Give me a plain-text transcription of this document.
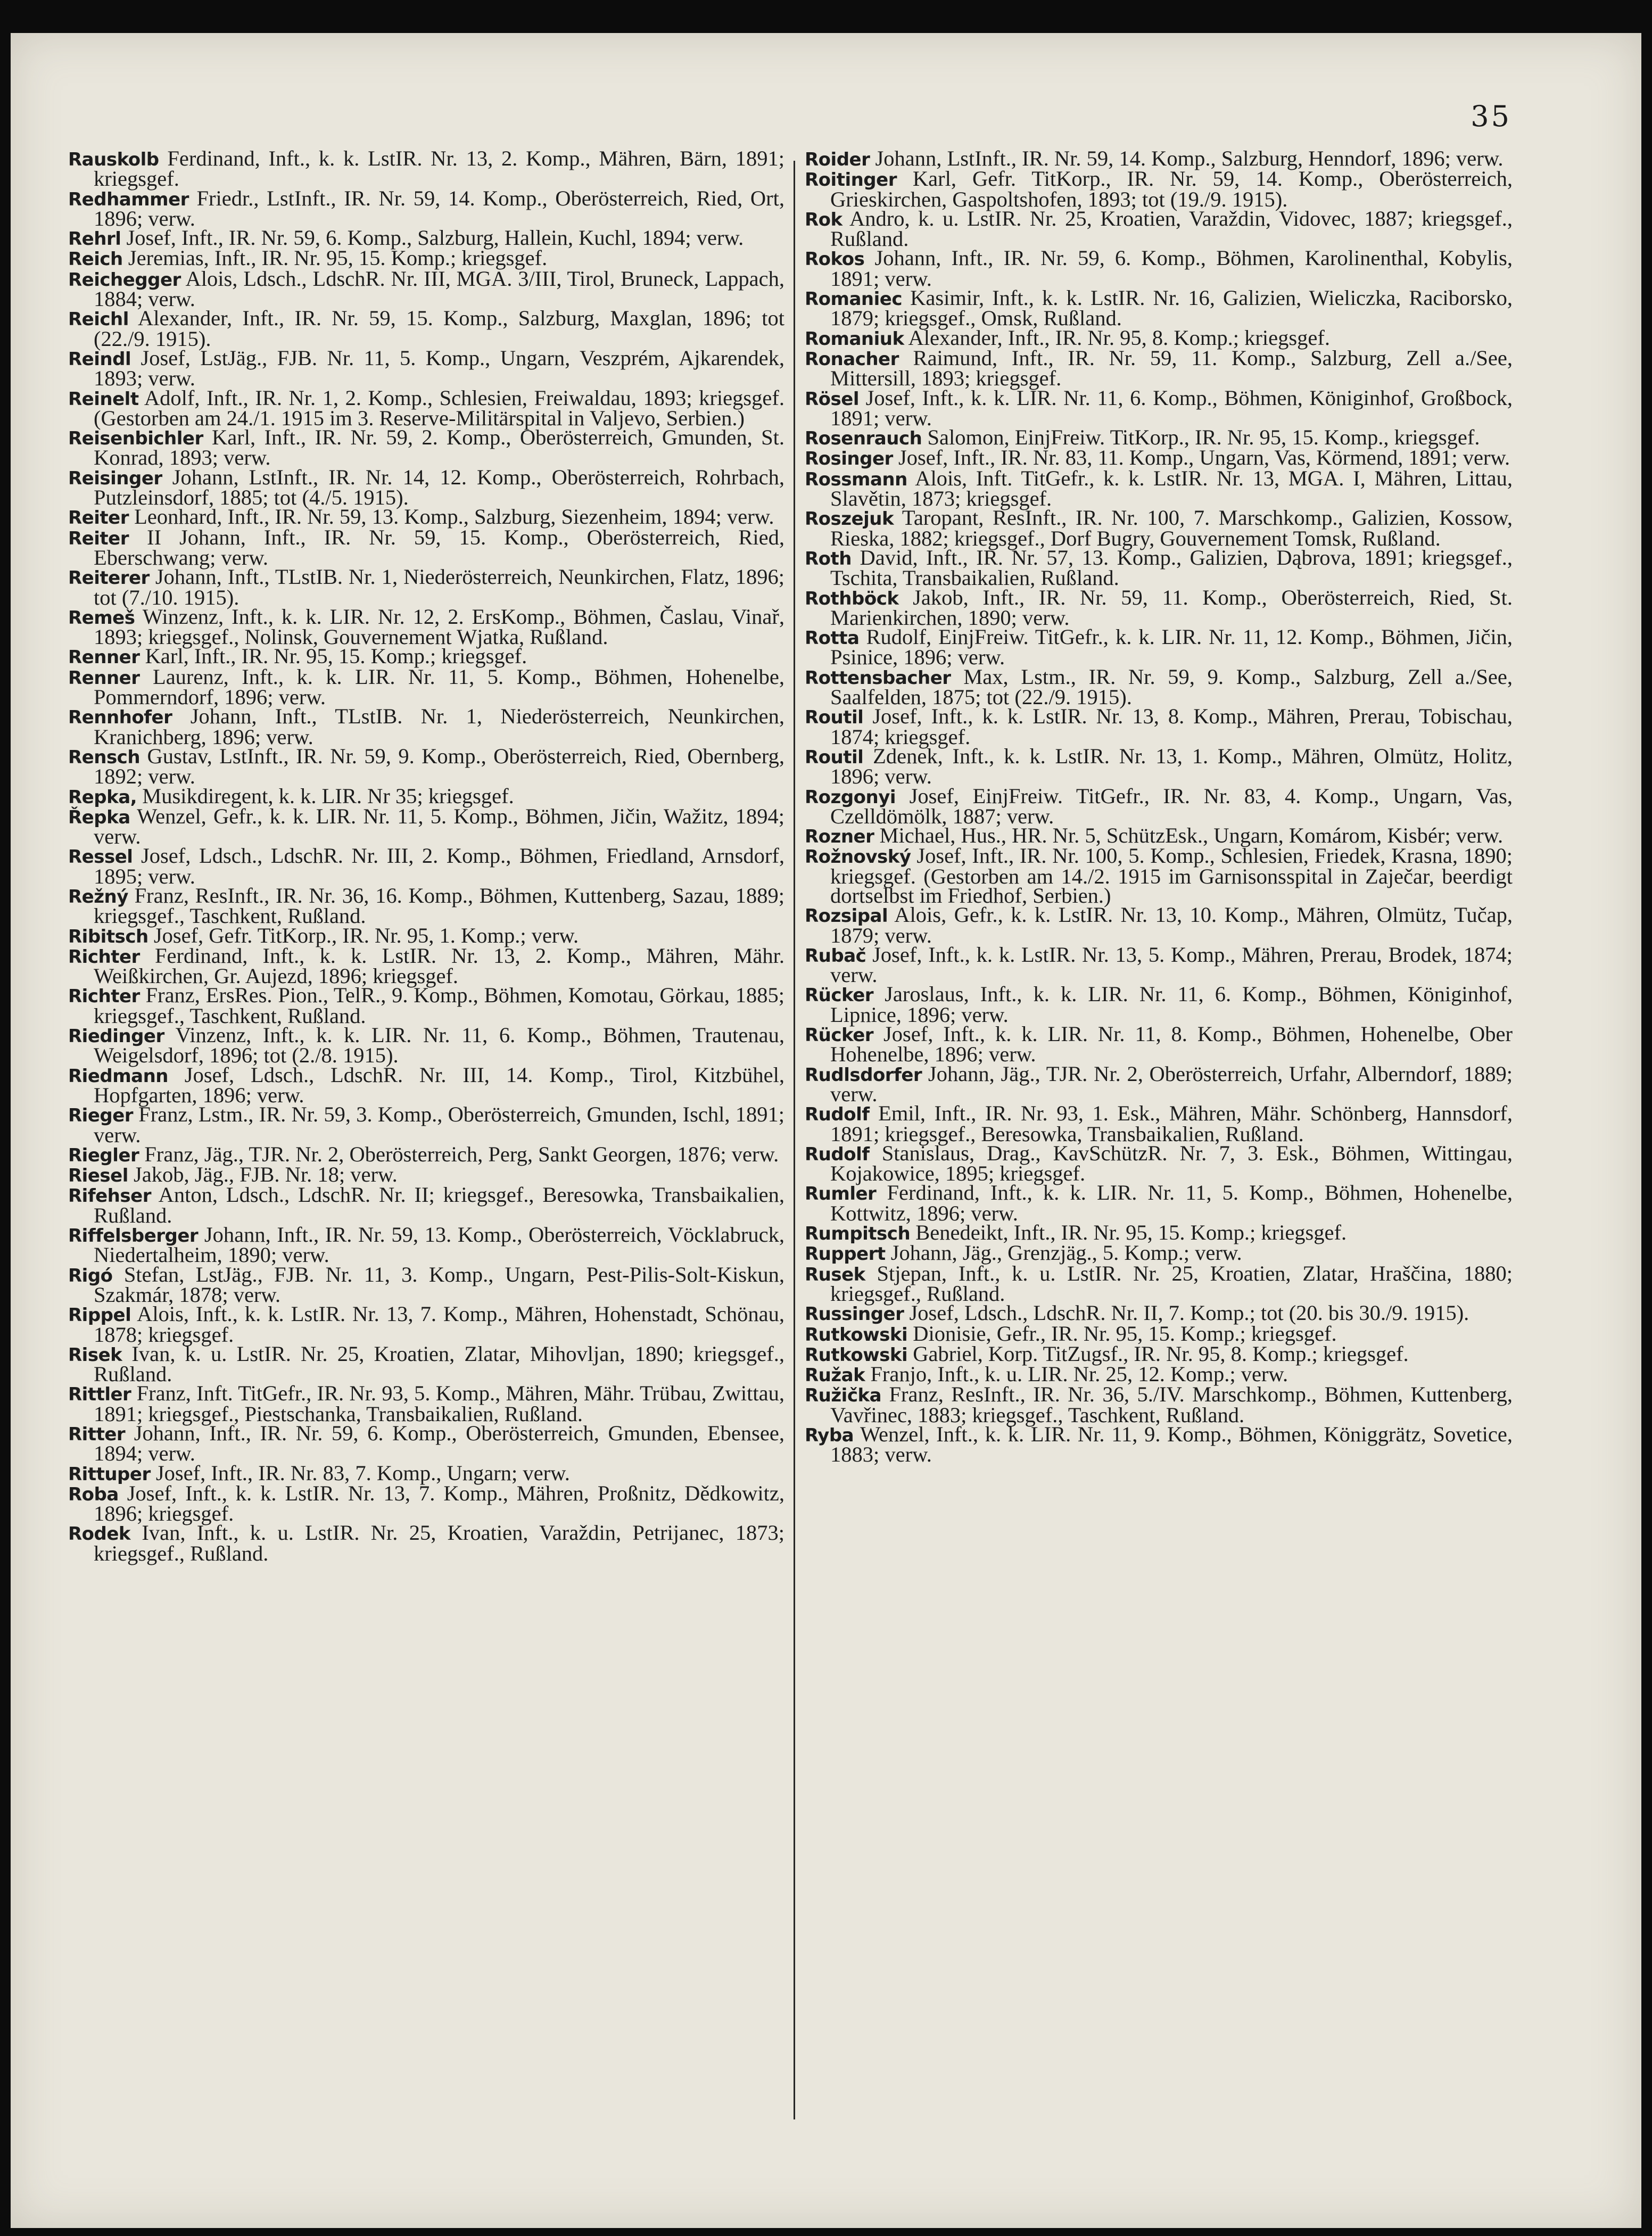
35

Rauskolb Ferdinand, Inft., k. k. LstIR. Nr. 13, 2. Komp., Mähren, Bärn, 1891; kriegsgef.

Redhammer Friedr., LstInft., IR. Nr. 59, 14. Komp., Oberösterreich, Ried, Ort, 1896; verw.

Rehrl Josef, Inft., IR. Nr. 59, 6. Komp., Salzburg, Hallein, Kuchl, 1894; verw.

Reich Jeremias, Inft., IR. Nr. 95, 15. Komp.; kriegsgef.

Reichegger Alois, Ldsch., LdschR. Nr. III, MGA. 3/III, Tirol, Bruneck, Lappach, 1884; verw.

Reichl Alexander, Inft., IR. Nr. 59, 15. Komp., Salzburg, Maxglan, 1896; tot (22./9. 1915).

Reindl Josef, LstJäg., FJB. Nr. 11, 5. Komp., Ungarn, Veszprém, Ajkarendek, 1893; verw.

Reinelt Adolf, Inft., IR. Nr. 1, 2. Komp., Schlesien, Freiwaldau, 1893; kriegsgef. (Gestorben am 24./1. 1915 im 3. Reserve-Militärspital in Valjevo, Serbien.)

Reisenbichler Karl, Inft., IR. Nr. 59, 2. Komp., Oberösterreich, Gmunden, St. Konrad, 1893; verw.

Reisinger Johann, LstInft., IR. Nr. 14, 12. Komp., Oberösterreich, Rohrbach, Putzleinsdorf, 1885; tot (4./5. 1915).

Reiter Leonhard, Inft., IR. Nr. 59, 13. Komp., Salzburg, Siezenheim, 1894; verw.

Reiter II Johann, Inft., IR. Nr. 59, 15. Komp., Oberösterreich, Ried, Eberschwang; verw.

Reiterer Johann, Inft., TLstIB. Nr. 1, Niederösterreich, Neunkirchen, Flatz, 1896; tot (7./10. 1915).

Remeš Winzenz, Inft., k. k. LIR. Nr. 12, 2. ErsKomp., Böhmen, Časlau, Vinař, 1893; kriegsgef., Nolinsk, Gouvernement Wjatka, Rußland.

Renner Karl, Inft., IR. Nr. 95, 15. Komp.; kriegsgef.

Renner Laurenz, Inft., k. k. LIR. Nr. 11, 5. Komp., Böhmen, Hohenelbe, Pommerndorf, 1896; verw.

Rennhofer Johann, Inft., TLstIB. Nr. 1, Niederösterreich, Neunkirchen, Kranichberg, 1896; verw.

Rensch Gustav, LstInft., IR. Nr. 59, 9. Komp., Oberösterreich, Ried, Obernberg, 1892; verw.

Repka, Musikdiregent, k. k. LIR. Nr 35; kriegsgef.

Řepka Wenzel, Gefr., k. k. LIR. Nr. 11, 5. Komp., Böhmen, Jičin, Wažitz, 1894; verw.

Ressel Josef, Ldsch., LdschR. Nr. III, 2. Komp., Böhmen, Friedland, Arnsdorf, 1895; verw.

Režný Franz, ResInft., IR. Nr. 36, 16. Komp., Böhmen, Kuttenberg, Sazau, 1889; kriegsgef., Taschkent, Rußland.

Ribitsch Josef, Gefr. TitKorp., IR. Nr. 95, 1. Komp.; verw.

Richter Ferdinand, Inft., k. k. LstIR. Nr. 13, 2. Komp., Mähren, Mähr. Weißkirchen, Gr. Aujezd, 1896; kriegsgef.

Richter Franz, ErsRes. Pion., TelR., 9. Komp., Böhmen, Komotau, Görkau, 1885; kriegsgef., Taschkent, Rußland.

Riedinger Vinzenz, Inft., k. k. LIR. Nr. 11, 6. Komp., Böhmen, Trautenau, Weigelsdorf, 1896; tot (2./8. 1915).

Riedmann Josef, Ldsch., LdschR. Nr. III, 14. Komp., Tirol, Kitzbühel, Hopfgarten, 1896; verw.

Rieger Franz, Lstm., IR. Nr. 59, 3. Komp., Oberösterreich, Gmunden, Ischl, 1891; verw.

Riegler Franz, Jäg., TJR. Nr. 2, Oberösterreich, Perg, Sankt Georgen, 1876; verw.

Riesel Jakob, Jäg., FJB. Nr. 18; verw.

Rifehser Anton, Ldsch., LdschR. Nr. II; kriegsgef., Beresowka, Transbaikalien, Rußland.

Riffelsberger Johann, Inft., IR. Nr. 59, 13. Komp., Oberösterreich, Vöcklabruck, Niedertalheim, 1890; verw.

Rigó Stefan, LstJäg., FJB. Nr. 11, 3. Komp., Ungarn, Pest-Pilis-Solt-Kiskun, Szakmár, 1878; verw.

Rippel Alois, Inft., k. k. LstIR. Nr. 13, 7. Komp., Mähren, Hohenstadt, Schönau, 1878; kriegsgef.

Risek Ivan, k. u. LstIR. Nr. 25, Kroatien, Zlatar, Mihovljan, 1890; kriegsgef., Rußland.

Rittler Franz, Inft. TitGefr., IR. Nr. 93, 5. Komp., Mähren, Mähr. Trübau, Zwittau, 1891; kriegsgef., Piestschanka, Transbaikalien, Rußland.

Ritter Johann, Inft., IR. Nr. 59, 6. Komp., Oberösterreich, Gmunden, Ebensee, 1894; verw.

Rittuper Josef, Inft., IR. Nr. 83, 7. Komp., Ungarn; verw.

Roba Josef, Inft., k. k. LstIR. Nr. 13, 7. Komp., Mähren, Proßnitz, Dědkowitz, 1896; kriegsgef.

Rodek Ivan, Inft., k. u. LstIR. Nr. 25, Kroatien, Varaždin, Petrijanec, 1873; kriegsgef., Rußland.

Roider Johann, LstInft., IR. Nr. 59, 14. Komp., Salzburg, Henndorf, 1896; verw.

Roitinger Karl, Gefr. TitKorp., IR. Nr. 59, 14. Komp., Oberösterreich, Grieskirchen, Gaspoltshofen, 1893; tot (19./9. 1915).

Rok Andro, k. u. LstIR. Nr. 25, Kroatien, Varaždin, Vidovec, 1887; kriegsgef., Rußland.

Rokos Johann, Inft., IR. Nr. 59, 6. Komp., Böhmen, Karolinenthal, Kobylis, 1891; verw.

Romaniec Kasimir, Inft., k. k. LstIR. Nr. 16, Galizien, Wieliczka, Raciborsko, 1879; kriegsgef., Omsk, Rußland.

Romaniuk Alexander, Inft., IR. Nr. 95, 8. Komp.; kriegsgef.

Ronacher Raimund, Inft., IR. Nr. 59, 11. Komp., Salzburg, Zell a./See, Mittersill, 1893; kriegsgef.

Rösel Josef, Inft., k. k. LIR. Nr. 11, 6. Komp., Böhmen, Königinhof, Großbock, 1891; verw.

Rosenrauch Salomon, EinjFreiw. TitKorp., IR. Nr. 95, 15. Komp., kriegsgef.

Rosinger Josef, Inft., IR. Nr. 83, 11. Komp., Ungarn, Vas, Körmend, 1891; verw.

Rossmann Alois, Inft. TitGefr., k. k. LstIR. Nr. 13, MGA. I, Mähren, Littau, Slavětin, 1873; kriegsgef.

Roszejuk Taropant, ResInft., IR. Nr. 100, 7. Marschkomp., Galizien, Kossow, Rieska, 1882; kriegsgef., Dorf Bugry, Gouvernement Tomsk, Rußland.

Roth David, Inft., IR. Nr. 57, 13. Komp., Galizien, Dąbrova, 1891; kriegsgef., Tschita, Transbaikalien, Rußland.

Rothböck Jakob, Inft., IR. Nr. 59, 11. Komp., Oberösterreich, Ried, St. Marienkirchen, 1890; verw.

Rotta Rudolf, EinjFreiw. TitGefr., k. k. LIR. Nr. 11, 12. Komp., Böhmen, Jičin, Psinice, 1896; verw.

Rottensbacher Max, Lstm., IR. Nr. 59, 9. Komp., Salzburg, Zell a./See, Saalfelden, 1875; tot (22./9. 1915).

Routil Josef, Inft., k. k. LstIR. Nr. 13, 8. Komp., Mähren, Prerau, Tobischau, 1874; kriegsgef.

Routil Zdenek, Inft., k. k. LstIR. Nr. 13, 1. Komp., Mähren, Olmütz, Holitz, 1896; verw.

Rozgonyi Josef, EinjFreiw. TitGefr., IR. Nr. 83, 4. Komp., Ungarn, Vas, Czelldömölk, 1887; verw.

Rozner Michael, Hus., HR. Nr. 5, SchützEsk., Ungarn, Komárom, Kisbér; verw.

Rožnovský Josef, Inft., IR. Nr. 100, 5. Komp., Schlesien, Friedek, Krasna, 1890; kriegsgef. (Gestorben am 14./2. 1915 im Garnisonsspital in Zaječar, beerdigt dortselbst im Friedhof, Serbien.)

Rozsipal Alois, Gefr., k. k. LstIR. Nr. 13, 10. Komp., Mähren, Olmütz, Tučap, 1879; verw.

Rubač Josef, Inft., k. k. LstIR. Nr. 13, 5. Komp., Mähren, Prerau, Brodek, 1874; verw.

Rücker Jaroslaus, Inft., k. k. LIR. Nr. 11, 6. Komp., Böhmen, Königinhof, Lipnice, 1896; verw.

Rücker Josef, Inft., k. k. LIR. Nr. 11, 8. Komp., Böhmen, Hohenelbe, Ober Hohenelbe, 1896; verw.

Rudlsdorfer Johann, Jäg., TJR. Nr. 2, Oberösterreich, Urfahr, Alberndorf, 1889; verw.

Rudolf Emil, Inft., IR. Nr. 93, 1. Esk., Mähren, Mähr. Schönberg, Hannsdorf, 1891; kriegsgef., Beresowka, Transbaikalien, Rußland.

Rudolf Stanislaus, Drag., KavSchützR. Nr. 7, 3. Esk., Böhmen, Wittingau, Kojakowice, 1895; kriegsgef.

Rumler Ferdinand, Inft., k. k. LIR. Nr. 11, 5. Komp., Böhmen, Hohenelbe, Kottwitz, 1896; verw.

Rumpitsch Benedeikt, Inft., IR. Nr. 95, 15. Komp.; kriegsgef.

Ruppert Johann, Jäg., Grenzjäg., 5. Komp.; verw.

Rusek Stjepan, Inft., k. u. LstIR. Nr. 25, Kroatien, Zlatar, Hraščina, 1880; kriegsgef., Rußland.

Russinger Josef, Ldsch., LdschR. Nr. II, 7. Komp.; tot (20. bis 30./9. 1915).

Rutkowski Dionisie, Gefr., IR. Nr. 95, 15. Komp.; kriegsgef.

Rutkowski Gabriel, Korp. TitZugsf., IR. Nr. 95, 8. Komp.; kriegsgef.

Ružak Franjo, Inft., k. u. LIR. Nr. 25, 12. Komp.; verw.

Ružička Franz, ResInft., IR. Nr. 36, 5./IV. Marschkomp., Böhmen, Kuttenberg, Vavřinec, 1883; kriegsgef., Taschkent, Rußland.

Ryba Wenzel, Inft., k. k. LIR. Nr. 11, 9. Komp., Böhmen, Königgrätz, Sovetice, 1883; verw.
